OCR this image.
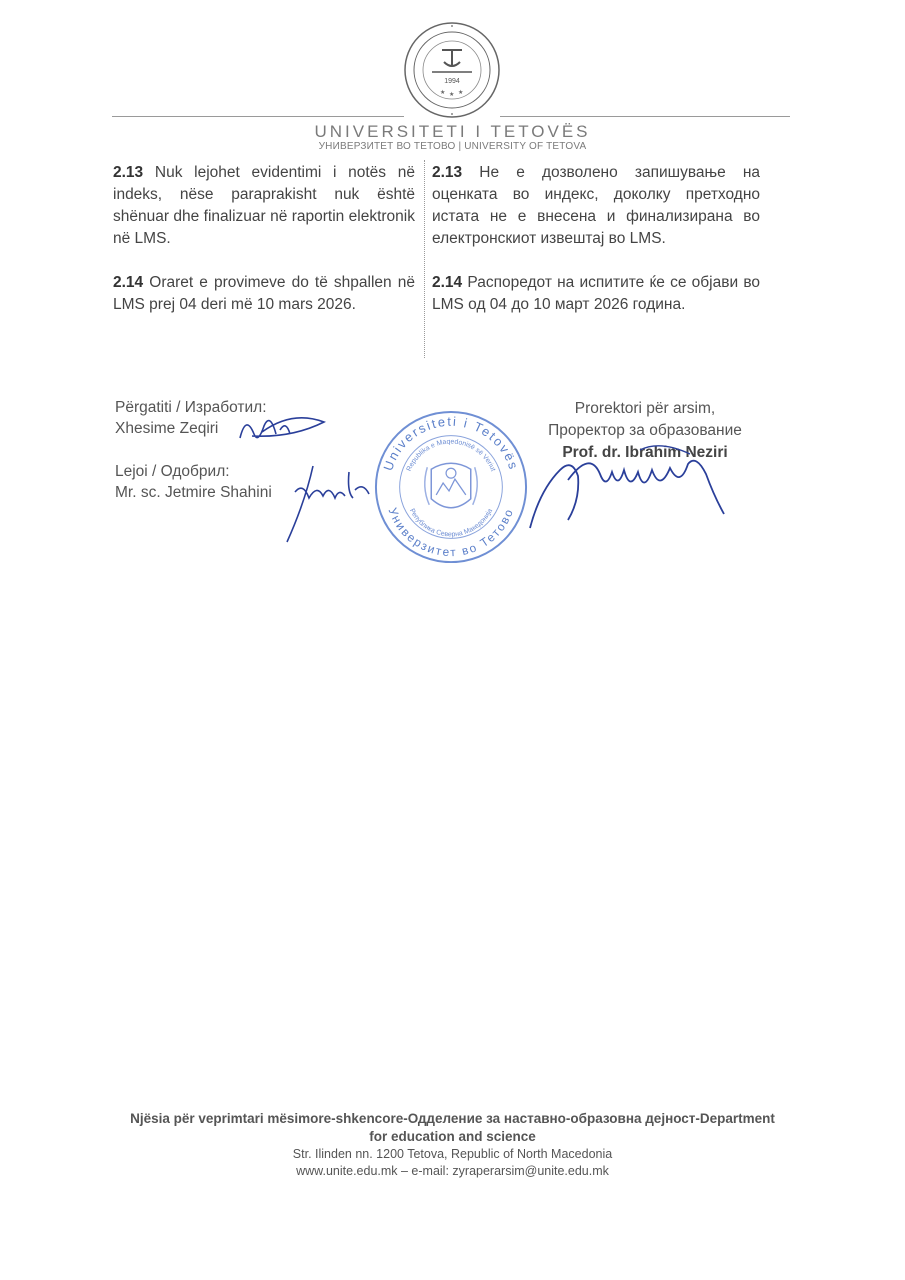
1994
★ ★ ★
UNIVERSITETI I TETOVËS
УНИВЕРЗИТЕТ ВО ТЕТОВО | UNIVERSITY OF TETOVA

2.13 Nuk lejohet evidentimi i notës në indeks, nëse paraprakisht nuk është shënuar dhe finalizuar në raportin elektronik në LMS.

2.14 Oraret e provimeve do të shpallen në LMS prej 04 deri më 10 mars 2026.

2.13 Не е дозволено запишување на оценката во индекс, доколку претходно истата не е внесена и финализирана во електронскиот извештај во LMS.

2.14 Распоредот на испитите ќе се објави во LMS од 04 до 10 март 2026 година.

Përgatiti / Изработил:
Xhesime Zeqiri
Lejoi / Одобрил:
Mr. sc. Jetmire Shahini
Prorektori për arsim,
Проректор за образование
Prof. dr. Ibrahim Neziri
Universiteti i Tetovës
Универзитет во Тетово
Republika e Maqedonisë së Veriut
Република Северна Македонија
Njësia për veprimtari mësimore-shkencore-Одделение за наставно-образовна дејност-Department
for education and science
Str. Ilinden nn. 1200 Tetova, Republic of North Macedonia
www.unite.edu.mk – e-mail: zyraperarsim@unite.edu.mk
